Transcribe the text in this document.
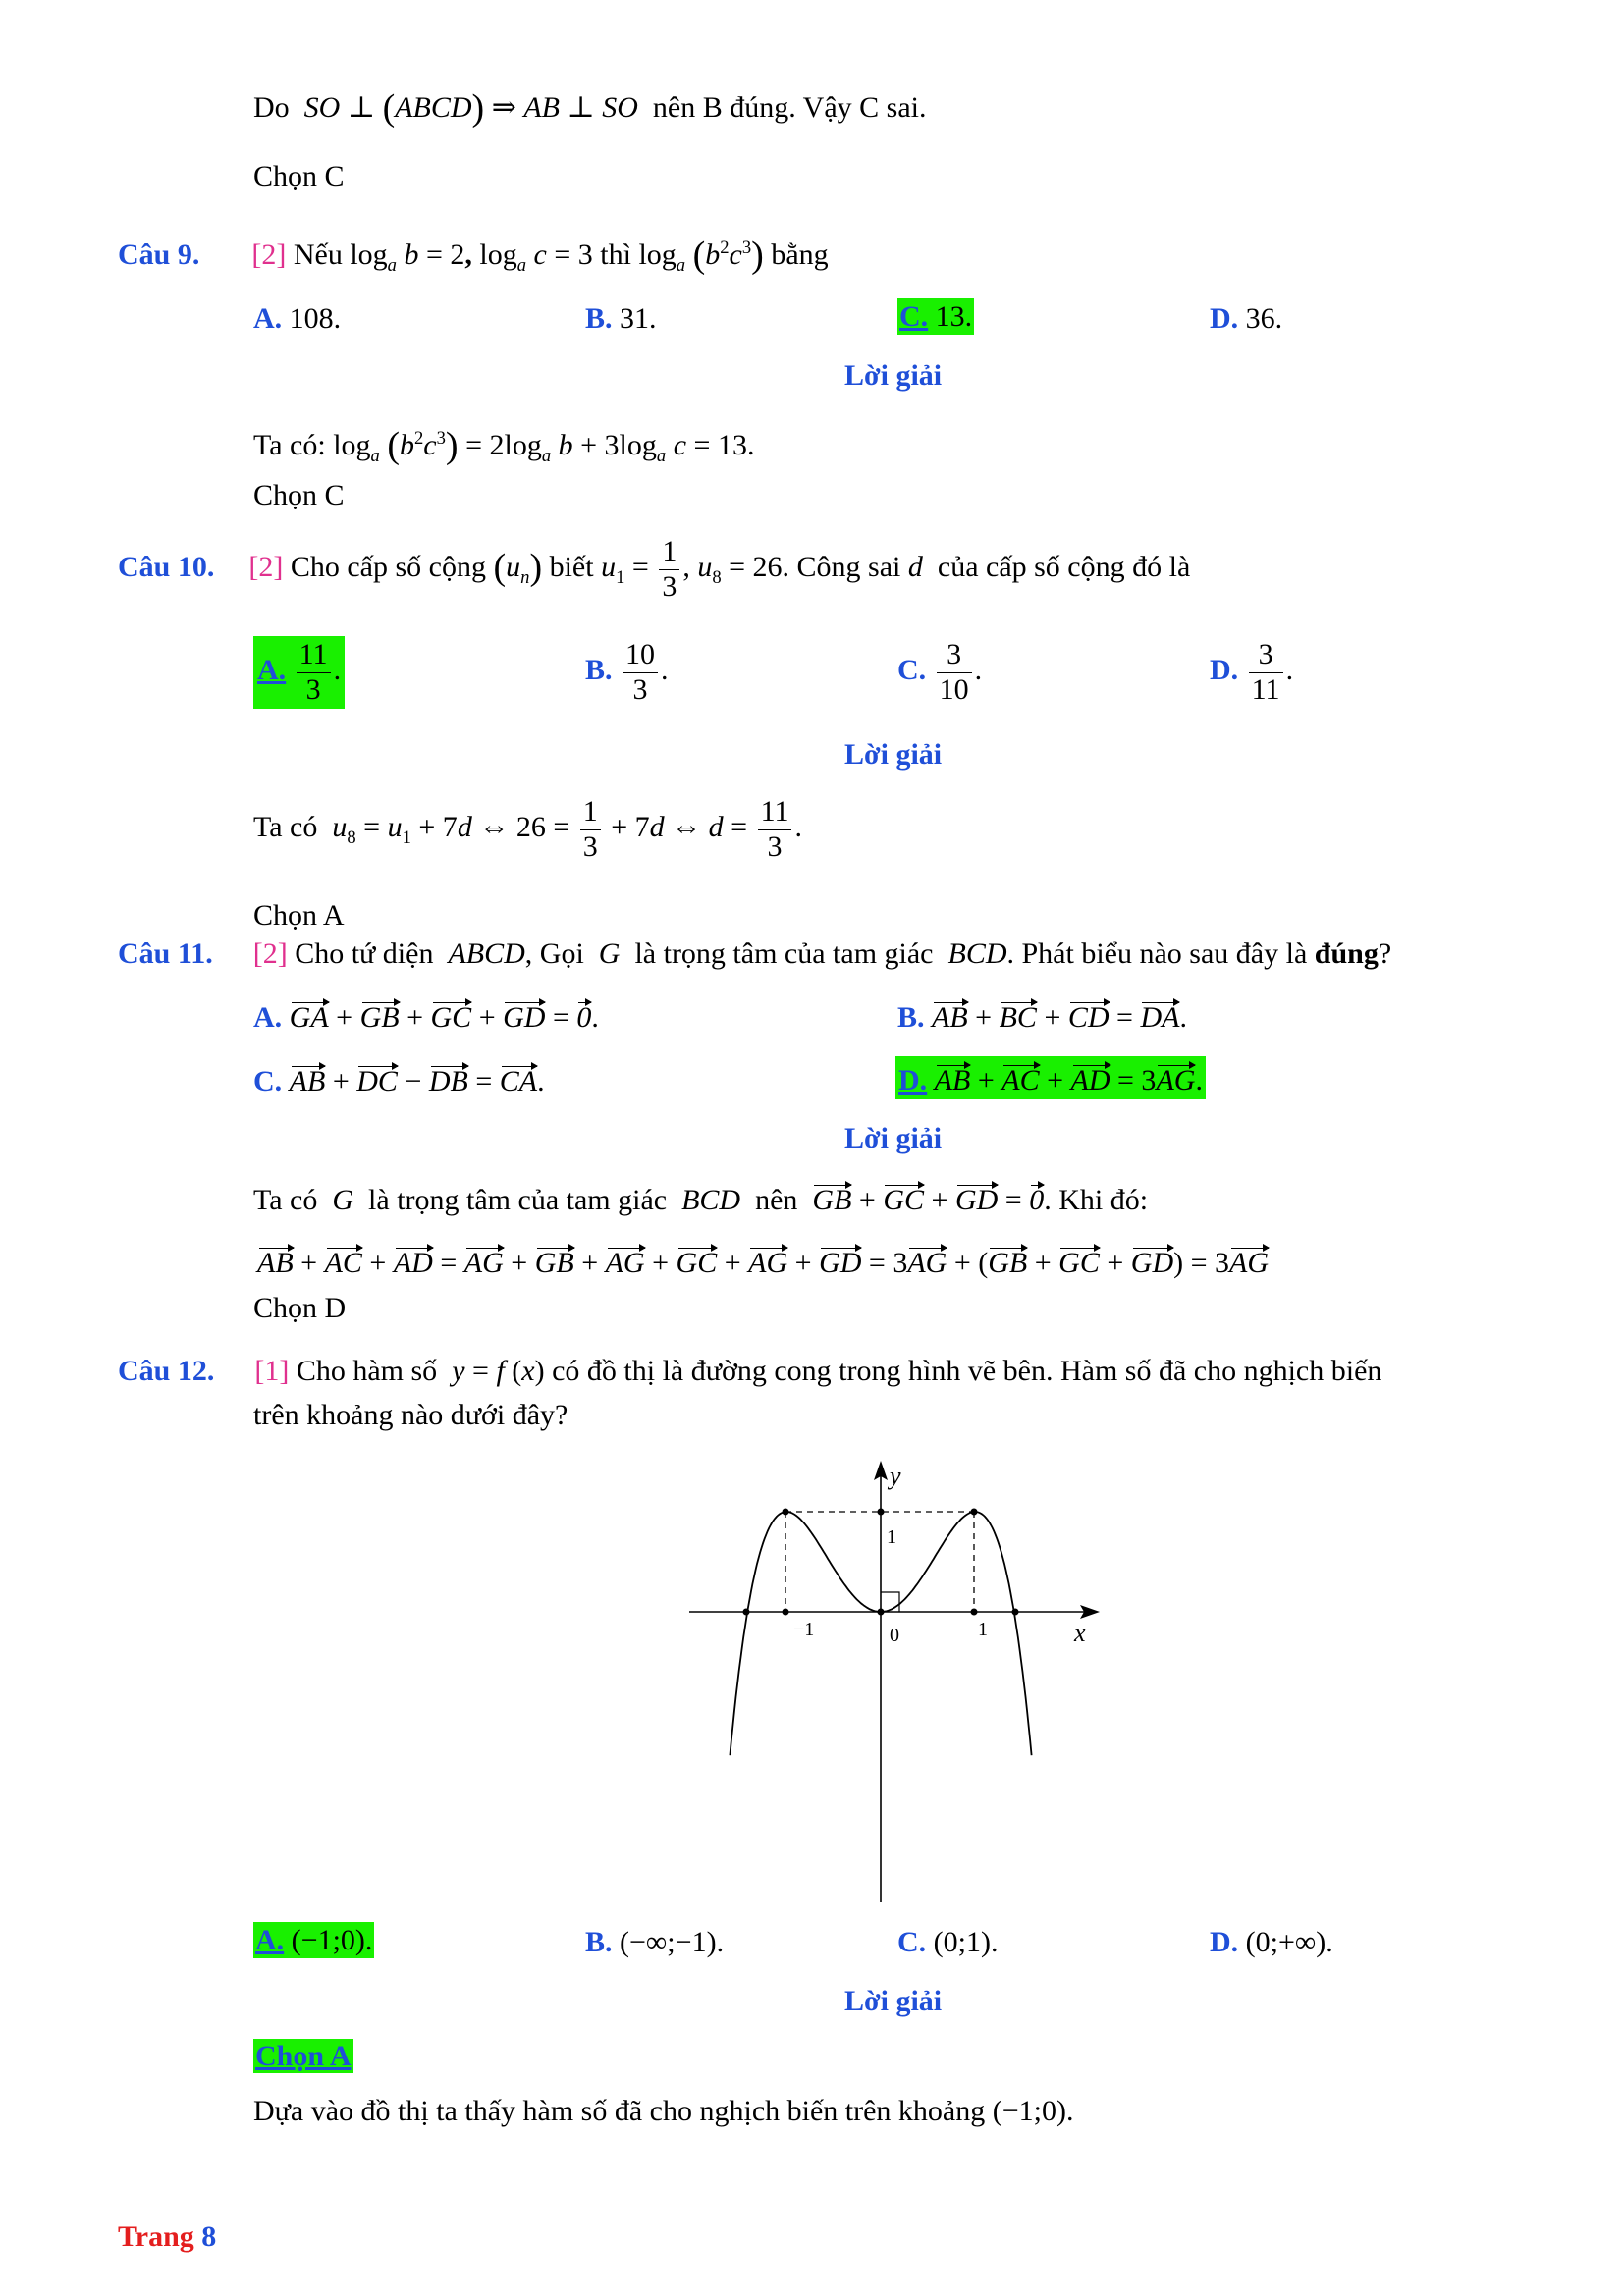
Do  SO ⊥ (ABCD) ⇒ AB ⊥ SO nên B đúng. Vậy C sai.
Chọn C
Câu 9. [2] Nếu $\log_a b = 2$, $\log_a c = 3$ thì $\log_a (b^2c^3)$ bằng
A. 108.	B. 31.	C. 13.	D. 36.
Lời giải
Ta có: $\log_a (b^2c^3) = 2\log_a$ $b + 3\log_a$ c = 13.
Chọn C
Câu 10. [2] Cho cấp số cộng $(u_n)$ biết $u_1 = \frac{1}{3}$ , $u_8 = 26$. Công sai d của cấp số cộng đó là
A. $\frac{11}{3}$ .	B. $\frac{10}{3}$ .	C. $\frac{3}{10}$ .	D. $\frac{3}{11}$ .
Lời giải
Ta có $u_8 = u_1 + 7d$ ⇔ $26 = \frac{1}{3} + 7d$ ⇔ $d = \frac{11}{3}$ .
Chọn A
Câu 11. [2] Cho tứ diện  ABCD, Gọi  G  là trọng tâm của tam giác  BCD. Phát biểu nào sau đây là đúng?
A. GA + GB + GC + GD = 0.	B. AB + BC + CD = DA.
C. AB + DC − DB = CA.	D. AB + AC + AD = 3AG.
Lời giải
Ta có  G  là trọng tâm của tam giác  BCD  nên GB + GC + GD = 0. Khi đó:
AB + AC + AD = AG + GB + AG + GC + AG + GD = 3AG + (GB + GC + GD) = 3AG
Chọn D
Câu 12. [1] Cho hàm số y = f (x) có đồ thị là đường cong trong hình vẽ bên. Hàm số đã cho nghịch biến
trên khoảng nào dưới đây?
y
x
1
−1	0	1
A. (−1;0).	B. (−∞;−1).	C. (0;1).	D. (0;+∞).
Lời giải
Chọn A
Dựa vào đồ thị ta thấy hàm số đã cho nghịch biến trên khoảng (−1;0).
Trang 8
